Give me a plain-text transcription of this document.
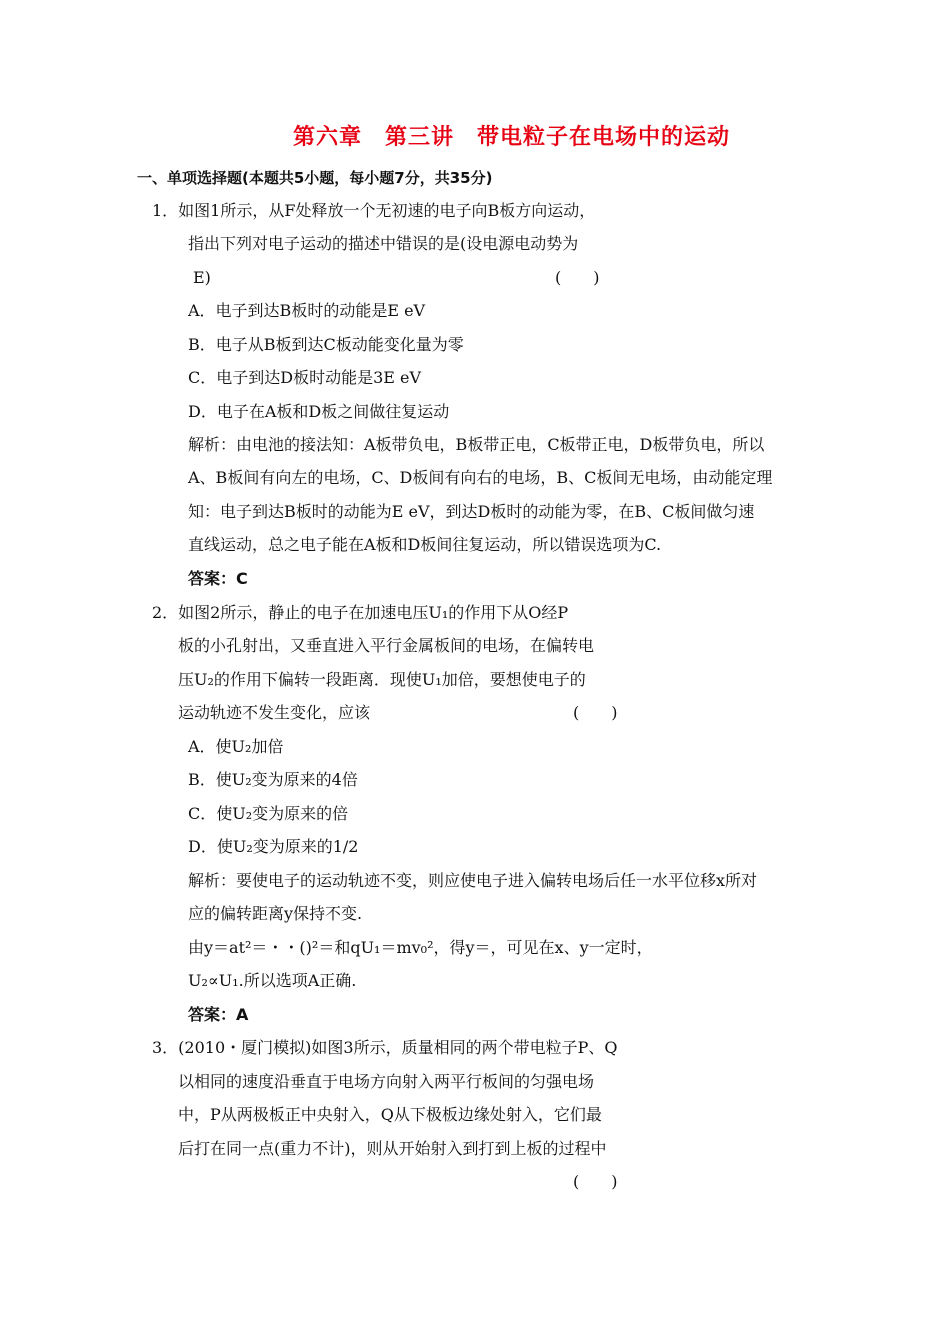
第六章　第三讲　带电粒子在电场中的运动
一、单项选择题(本题共5小题，每小题7分，共35分)
1．如图1所示，从F处释放一个无初速的电子向B板方向运动，
指出下列对电子运动的描述中错误的是(设电源电动势为
E)	(　　)
A．电子到达B板时的动能是E eV
B．电子从B板到达C板动能变化量为零
C．电子到达D板时动能是3E eV
D．电子在A板和D板之间做往复运动
解析：由电池的接法知：A板带负电，B板带正电，C板带正电，D板带负电，所以
A、B板间有向左的电场，C、D板间有向右的电场，B、C板间无电场，由动能定理
知：电子到达B板时的动能为E eV，到达D板时的动能为零，在B、C板间做匀速
直线运动，总之电子能在A板和D板间往复运动，所以错误选项为C.
答案：C
2．如图2所示，静止的电子在加速电压U₁的作用下从O经P
板的小孔射出，又垂直进入平行金属板间的电场，在偏转电
压U₂的作用下偏转一段距离．现使U₁加倍，要想使电子的
运动轨迹不发生变化，应该	(　　)
A．使U₂加倍
B．使U₂变为原来的4倍
C．使U₂变为原来的倍
D．使U₂变为原来的1/2
解析：要使电子的运动轨迹不变，则应使电子进入偏转电场后任一水平位移x所对
应的偏转距离y保持不变.
由y＝at²＝・・()²＝和qU₁＝mv₀²，得y＝，可见在x、y一定时，
U₂∝U₁.所以选项A正确.
答案：A
3．(2010・厦门模拟)如图3所示，质量相同的两个带电粒子P、Q
以相同的速度沿垂直于电场方向射入两平行板间的匀强电场
中，P从两极板正中央射入，Q从下极板边缘处射入，它们最
后打在同一点(重力不计)，则从开始射入到打到上板的过程中
(　　)
